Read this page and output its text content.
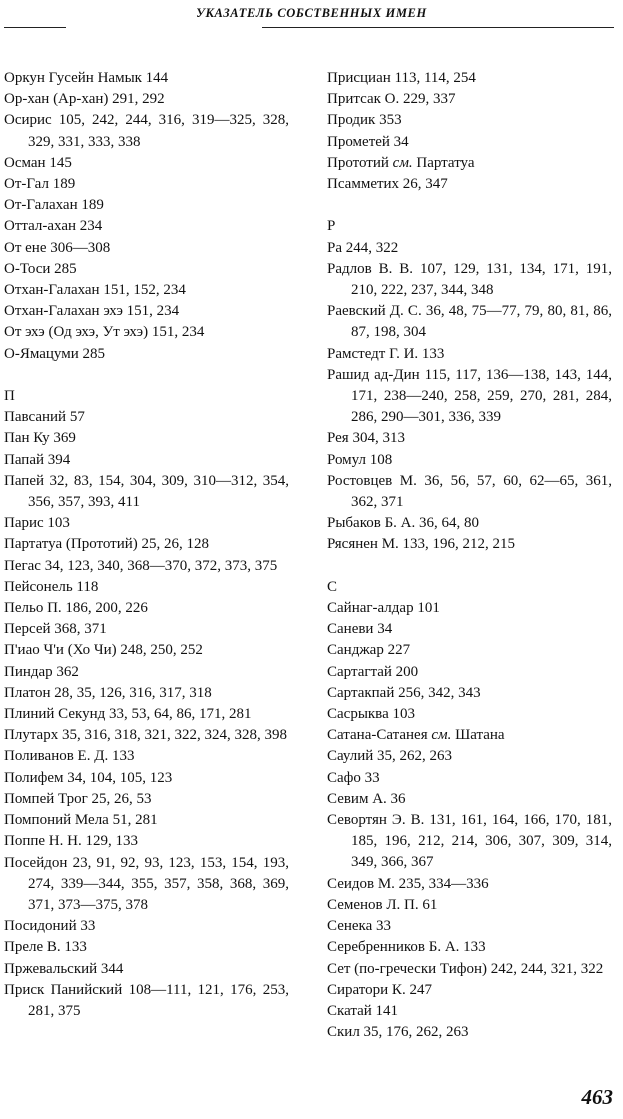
УКАЗАТЕЛЬ СОБСТВЕННЫХ ИМЕН
Оркун Гусейн Намык 144
Ор-хан (Ар-хан) 291, 292
Осирис 105, 242, 244, 316, 319—325, 328, 329, 331, 333, 338
Осман 145
От-Гал 189
От-Галахан 189
Оттал-ахан 234
От ене 306—308
О-Тоси 285
Отхан-Галахан 151, 152, 234
Отхан-Галахан эхэ 151, 234
От эхэ (Од эхэ, Ут эхэ) 151, 234
О-Ямацуми 285
П
Павсаний 57
Пан Ку 369
Папай 394
Папей 32, 83, 154, 304, 309, 310—312, 354, 356, 357, 393, 411
Парис 103
Партатуа (Прототий) 25, 26, 128
Пегас 34, 123, 340, 368—370, 372, 373, 375
Пейсонель 118
Пельо П. 186, 200, 226
Персей 368, 371
П'иао Ч'и (Хо Чи) 248, 250, 252
Пиндар 362
Платон 28, 35, 126, 316, 317, 318
Плиний Секунд 33, 53, 64, 86, 171, 281
Плутарх 35, 316, 318, 321, 322, 324, 328, 398
Поливанов Е. Д. 133
Полифем 34, 104, 105, 123
Помпей Трог 25, 26, 53
Помпоний Мела 51, 281
Поппе Н. Н. 129, 133
Посейдон 23, 91, 92, 93, 123, 153, 154, 193, 274, 339—344, 355, 357, 358, 368, 369, 371, 373—375, 378
Посидоний 33
Преле В. 133
Пржевальский 344
Приск Панийский 108—111, 121, 176, 253, 281, 375
Присциан 113, 114, 254
Притсак О. 229, 337
Продик 353
Прометей 34
Прототий см. Партатуа
Псамметих 26, 347
Р
Ра 244, 322
Радлов В. В. 107, 129, 131, 134, 171, 191, 210, 222, 237, 344, 348
Раевский Д. С. 36, 48, 75—77, 79, 80, 81, 86, 87, 198, 304
Рамстедт Г. И. 133
Рашид ад-Дин 115, 117, 136—138, 143, 144, 171, 238—240, 258, 259, 270, 281, 284, 286, 290—301, 336, 339
Рея 304, 313
Ромул 108
Ростовцев М. 36, 56, 57, 60, 62—65, 361, 362, 371
Рыбаков Б. А. 36, 64, 80
Рясянен М. 133, 196, 212, 215
С
Сайнаг-алдар 101
Саневи 34
Санджар 227
Сартагтай 200
Сартакпай 256, 342, 343
Сасрыква 103
Сатана-Сатанея см. Шатана
Саулий 35, 262, 263
Сафо 33
Севим А. 36
Севортян Э. В. 131, 161, 164, 166, 170, 181, 185, 196, 212, 214, 306, 307, 309, 314, 349, 366, 367
Сеидов М. 235, 334—336
Семенов Л. П. 61
Сенека 33
Серебренников Б. А. 133
Сет (по-гречески Тифон) 242, 244, 321, 322
Сиратори К. 247
Скатай 141
Скил 35, 176, 262, 263
463
